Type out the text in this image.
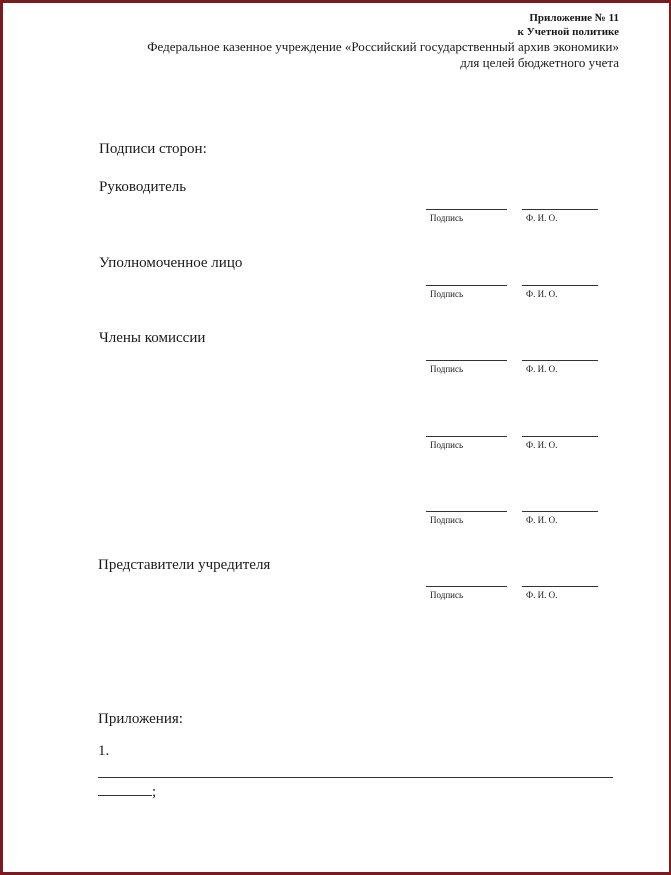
Приложение № 11
к Учетной политике
Федеральное казенное учреждение «Российский государственный архив экономики»
для целей бюджетного учета
Подписи сторон:
Руководитель
Подпись	Ф. И. О.
Уполномоченное лицо
Подпись	Ф. И. О.
Члены комиссии
Подпись	Ф. И. О.
Подпись	Ф. И. О.
Подпись	Ф. И. О.
Представители учредителя
Подпись	Ф. И. О.
Приложения:
1.
;
